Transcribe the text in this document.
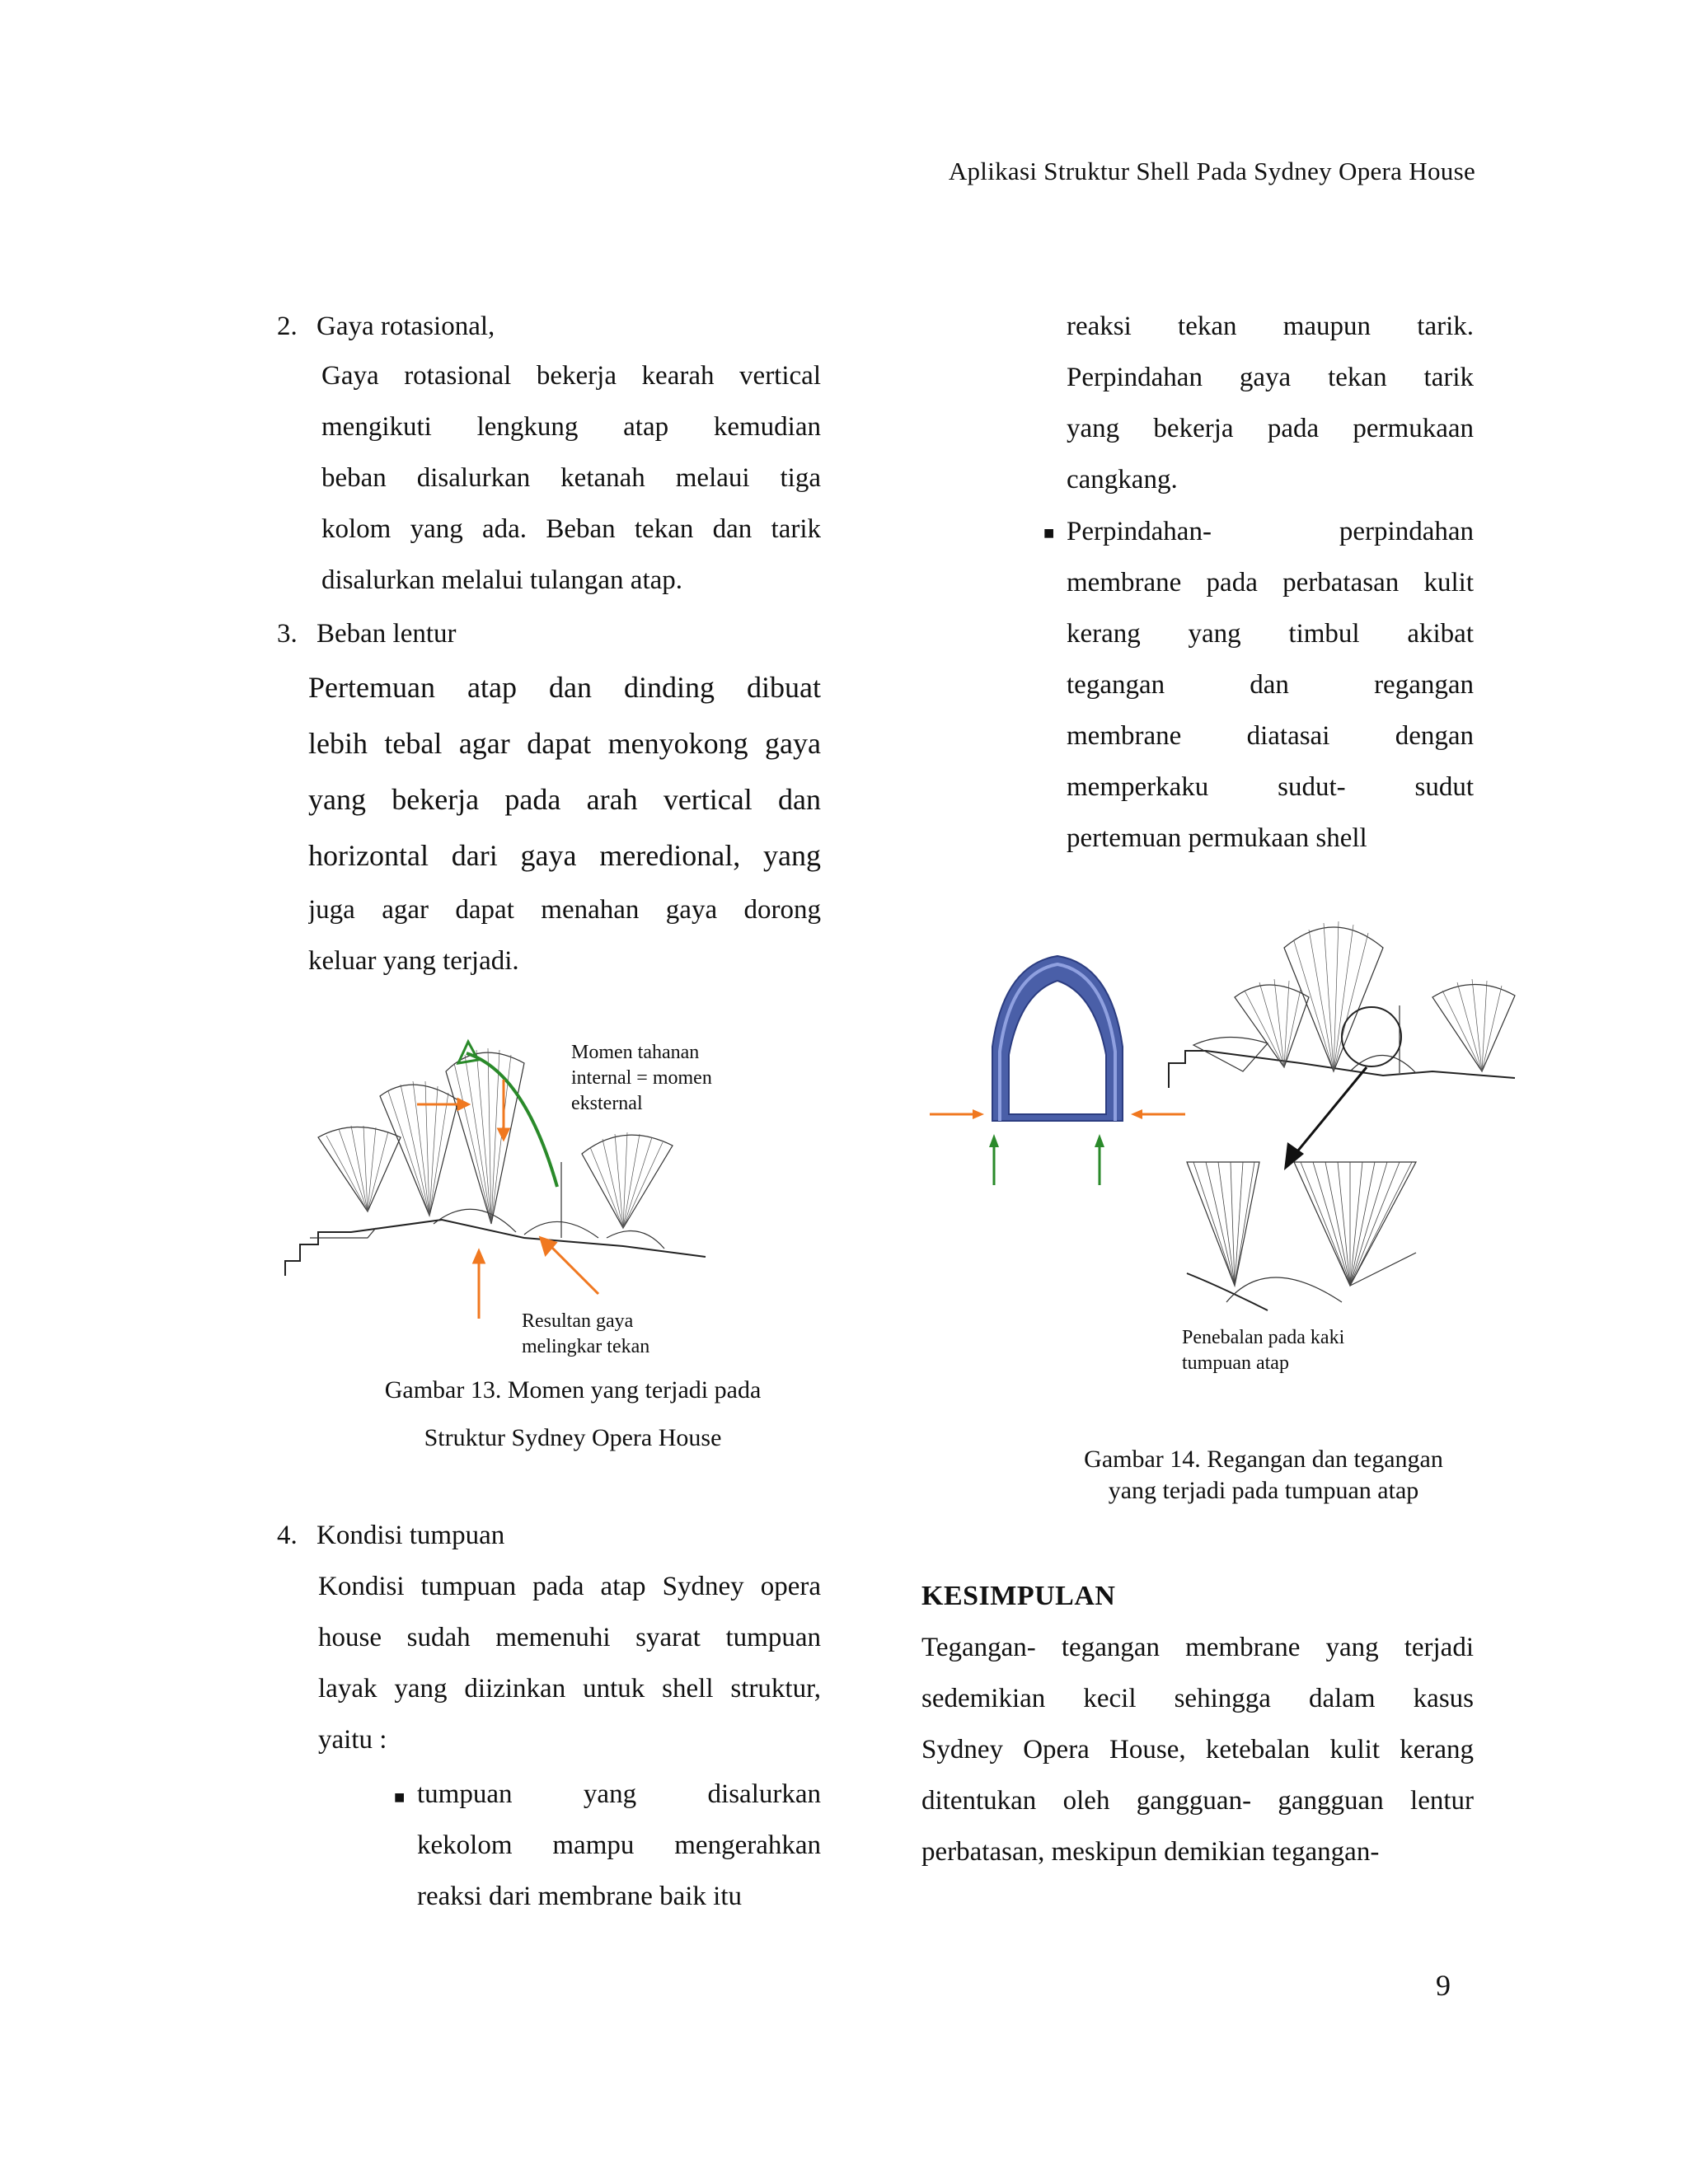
Aplikasi Struktur Shell Pada Sydney Opera House
2. Gaya rotasional,
Gaya rotasional bekerja kearah vertical
mengikuti lengkung atap kemudian
beban disalurkan ketanah melaui tiga
kolom yang ada. Beban tekan dan tarik
disalurkan melalui tulangan atap.
3. Beban lentur
Pertemuan atap dan dinding dibuat
lebih tebal agar dapat menyokong gaya
yang bekerja pada arah vertical dan
horizontal dari gaya meredional, yang
juga agar dapat menahan gaya dorong
keluar yang terjadi.
Momen tahanan
internal = momen
eksternal
Resultan gaya
melingkar tekan
Gambar 13. Momen yang terjadi pada
Struktur Sydney Opera House
4. Kondisi tumpuan
Kondisi tumpuan pada atap Sydney opera
house sudah memenuhi syarat tumpuan
layak yang diizinkan untuk shell struktur,
yaitu :
■ tumpuan yang disalurkan
kekolom mampu mengerahkan
reaksi dari membrane baik itu
reaksi tekan maupun tarik.
Perpindahan gaya tekan tarik
yang bekerja pada permukaan
cangkang.
■ Perpindahan- perpindahan
membrane pada perbatasan kulit
kerang yang timbul akibat
tegangan dan regangan
membrane diatasai dengan
memperkaku sudut- sudut
pertemuan permukaan shell
Penebalan pada kaki
tumpuan atap
Gambar 14. Regangan dan tegangan
yang terjadi pada tumpuan atap
KESIMPULAN
Tegangan- tegangan membrane yang terjadi
sedemikian kecil sehingga dalam kasus
Sydney Opera House, ketebalan kulit kerang
ditentukan oleh gangguan- gangguan lentur
perbatasan, meskipun demikian tegangan-
9
